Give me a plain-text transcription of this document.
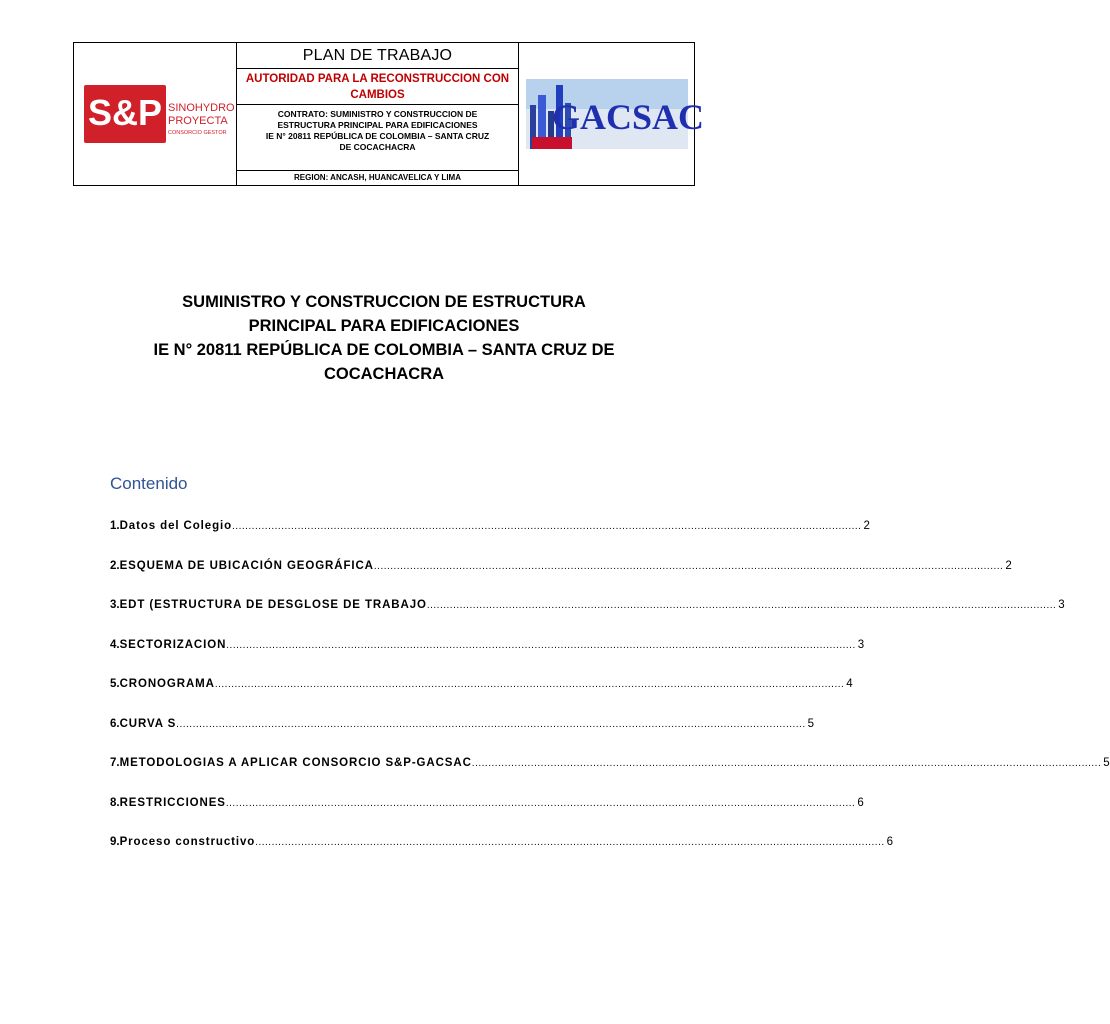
S&P SINOHYDRO
PROYECTA
CONSORCIO GESTOR
PLAN DE TRABAJO
AUTORIDAD PARA LA RECONSTRUCCION CON CAMBIOS
CONTRATO: SUMINISTRO Y CONSTRUCCION DE
ESTRUCTURA PRINCIPAL PARA EDIFICACIONES
IE N° 20811 REPÚBLICA DE COLOMBIA – SANTA CRUZ
DE COCACHACRA
REGION: ANCASH, HUANCAVELICA Y LIMA
GACSAC
SUMINISTRO Y CONSTRUCCION DE ESTRUCTURA
PRINCIPAL PARA EDIFICACIONES
IE N° 20811 REPÚBLICA DE COLOMBIA – SANTA CRUZ DE
COCACHACRA
Contenido
1. Datos del Colegio .....	2
2. ESQUEMA DE UBICACIÓN GEOGRÁFICA .....	2
3. EDT (ESTRUCTURA DE DESGLOSE DE TRABAJO .....	3
4. SECTORIZACION .....	3
5. CRONOGRAMA .....	4
6. CURVA S .....	5
7. METODOLOGIAS A APLICAR CONSORCIO S&P-GACSAC .....	5
8. RESTRICCIONES .....	6
9. Proceso constructivo .....	6
